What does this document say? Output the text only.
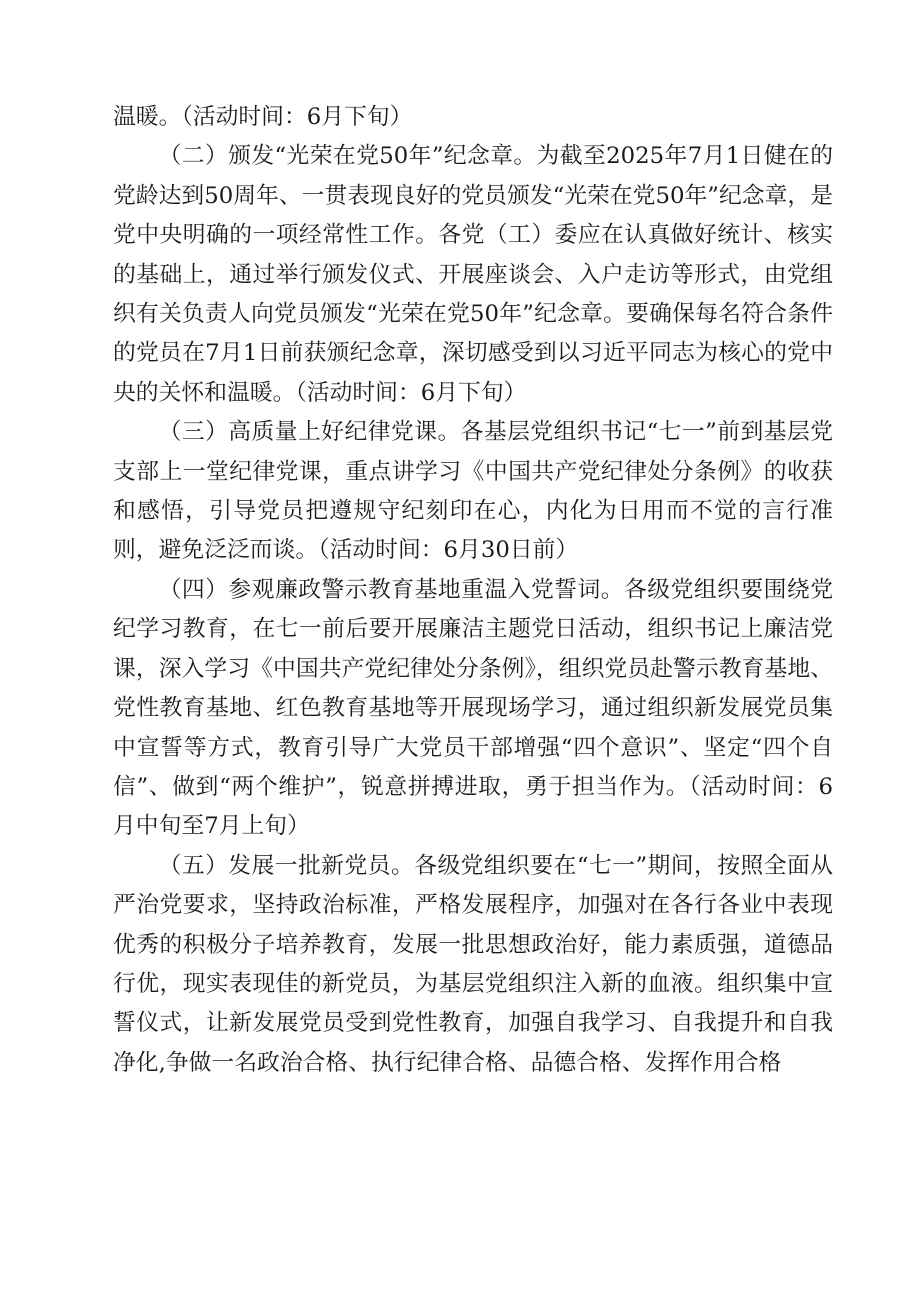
温暖。（活动时间：6月下旬）

（二）颁发“光荣在党50年”纪念章。为截至2025年7月1日健在的党龄达到50周年、一贯表现良好的党员颁发“光荣在党50年”纪念章，是党中央明确的一项经常性工作。各党（工）委应在认真做好统计、核实的基础上，通过举行颁发仪式、开展座谈会、入户走访等形式，由党组织有关负责人向党员颁发“光荣在党50年”纪念章。要确保每名符合条件的党员在7月1日前获颁纪念章，深切感受到以习近平同志为核心的党中央的关怀和温暖。（活动时间：6月下旬）

（三）高质量上好纪律党课。各基层党组织书记“七一”前到基层党支部上一堂纪律党课，重点讲学习《中国共产党纪律处分条例》的收获和感悟，引导党员把遵规守纪刻印在心，内化为日用而不觉的言行准则，避免泛泛而谈。（活动时间：6月30日前）

（四）参观廉政警示教育基地重温入党誓词。各级党组织要围绕党纪学习教育，在七一前后要开展廉洁主题党日活动，组织书记上廉洁党课，深入学习《中国共产党纪律处分条例》，组织党员赴警示教育基地、党性教育基地、红色教育基地等开展现场学习，通过组织新发展党员集中宣誓等方式，教育引导广大党员干部增强“四个意识”、坚定“四个自信”、做到“两个维护”，锐意拼搏进取，勇于担当作为。（活动时间：6月中旬至7月上旬）

（五）发展一批新党员。各级党组织要在“七一”期间，按照全面从严治党要求，坚持政治标准，严格发展程序，加强对在各行各业中表现优秀的积极分子培养教育，发展一批思想政治好，能力素质强，道德品行优，现实表现佳的新党员，为基层党组织注入新的血液。组织集中宣誓仪式，让新发展党员受到党性教育，加强自我学习、自我提升和自我净化,争做一名政治合格、执行纪律合格、品德合格、发挥作用合格
